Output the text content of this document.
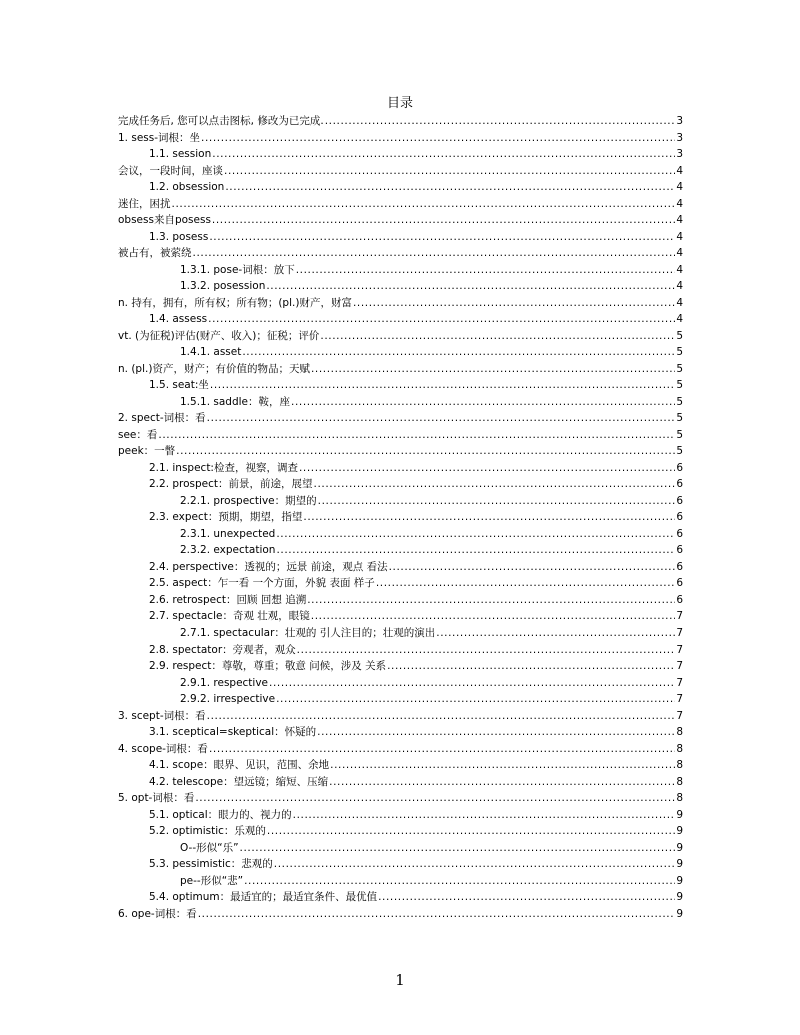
目录
完成任务后, 您可以点击图标, 修改为已完成. .....	3
1. sess-词根：坐 .....	3
1.1. session .....	3
会议，一段时间，座谈 .....	4
1.2. obsession .....	4
迷住，困扰 .....	4
obsess来自posess .....	4
1.3. posess .....	4
被占有，被萦绕 .....	4
1.3.1. pose-词根：放下 .....	4
1.3.2. posession .....	4
n. 持有，拥有，所有权；所有物；(pl.)财产，财富 .....	4
1.4. assess .....	4
vt. (为征税)评估(财产、收入)；征税；评价 .....	5
1.4.1. asset .....	5
n. (pl.)资产，财产；有价值的物品；天赋 .....	5
1.5. seat:坐 .....	5
1.5.1. saddle：鞍，座 .....	5
2. spect-词根：看 .....	5
see：看 .....	5
peek：一瞥 .....	5
2.1. inspect:检查，视察，调查 .....	6
2.2. prospect：前景，前途，展望 .....	6
2.2.1. prospective：期望的 .....	6
2.3. expect：预期，期望，指望 .....	6
2.3.1. unexpected .....	6
2.3.2. expectation .....	6
2.4. perspective：透视的；远景 前途，观点 看法 .....	6
2.5. aspect：乍一看 一个方面，外貌 表面 样子 .....	6
2.6. retrospect：回顾 回想 追溯 .....	6
2.7. spectacle：奇观 壮观，眼镜 .....	7
2.7.1. spectacular：壮观的 引人注目的；壮观的演出 .....	7
2.8. spectator：旁观者，观众 .....	7
2.9. respect：尊敬，尊重；敬意 问候，涉及 关系 .....	7
2.9.1. respective .....	7
2.9.2. irrespective .....	7
3. scept-词根：看 .....	7
3.1. sceptical=skeptical：怀疑的 .....	8
4. scope-词根：看 .....	8
4.1. scope：眼界、见识，范围、余地 .....	8
4.2. telescope：望远镜；缩短、压缩 .....	8
5. opt-词根：看 .....	8
5.1. optical：眼力的、视力的 .....	9
5.2. optimistic：乐观的 .....	9
O--形似“乐” .....	9
5.3. pessimistic：悲观的 .....	9
pe--形似“悲” .....	9
5.4. optimum：最适宜的；最适宜条件、最优值 .....	9
6. ope-词根：看 .....	9
1
